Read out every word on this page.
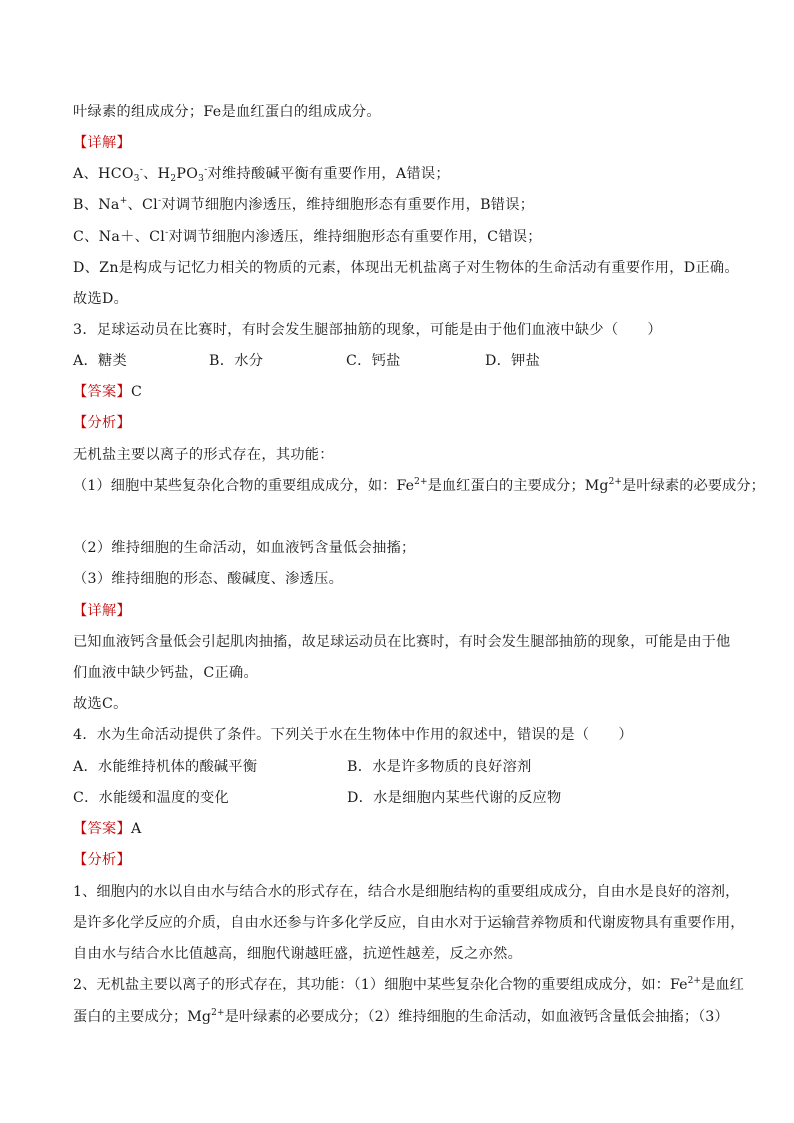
叶绿素的组成成分；Fe是血红蛋白的组成成分。
【详解】
A、$HCO_3^-$、$H_2PO_3^-$对维持酸碱平衡有重要作用，A错误；
B、Na+、Cl-对调节细胞内渗透压，维持细胞形态有重要作用，B错误；
C、Na＋、Cl-对调节细胞内渗透压，维持细胞形态有重要作用，C错误；
D、Zn是构成与记忆力相关的物质的元素，体现出无机盐离子对生物体的生命活动有重要作用，D正确。
故选D。
3．足球运动员在比赛时，有时会发生腿部抽筋的现象，可能是由于他们血液中缺少（　　）
A．糖类	B．水分	C．钙盐	D．钾盐
【答案】C
【分析】
无机盐主要以离子的形式存在，其功能：
（1）细胞中某些复杂化合物的重要组成成分，如：$Fe^{2+}$是血红蛋白的主要成分；$Mg^{2+}$是叶绿素的必要成分；
（2）维持细胞的生命活动，如血液钙含量低会抽搐；
（3）维持细胞的形态、酸碱度、渗透压。
【详解】
已知血液钙含量低会引起肌肉抽搐，故足球运动员在比赛时，有时会发生腿部抽筋的现象，可能是由于他
们血液中缺少钙盐，C正确。
故选C。
4．水为生命活动提供了条件。下列关于水在生物体中作用的叙述中，错误的是（　　）
A．水能维持机体的酸碱平衡	B．水是许多物质的良好溶剂
C．水能缓和温度的变化	D．水是细胞内某些代谢的反应物
【答案】A
【分析】
1、细胞内的水以自由水与结合水的形式存在，结合水是细胞结构的重要组成成分，自由水是良好的溶剂，
是许多化学反应的介质，自由水还参与许多化学反应，自由水对于运输营养物质和代谢废物具有重要作用，
自由水与结合水比值越高，细胞代谢越旺盛，抗逆性越差，反之亦然。
2、无机盐主要以离子的形式存在，其功能：（1）细胞中某些复杂化合物的重要组成成分，如：$Fe^{2+}$是血红
蛋白的主要成分；$Mg^{2+}$是叶绿素的必要成分；（2）维持细胞的生命活动，如血液钙含量低会抽搐；（3）
